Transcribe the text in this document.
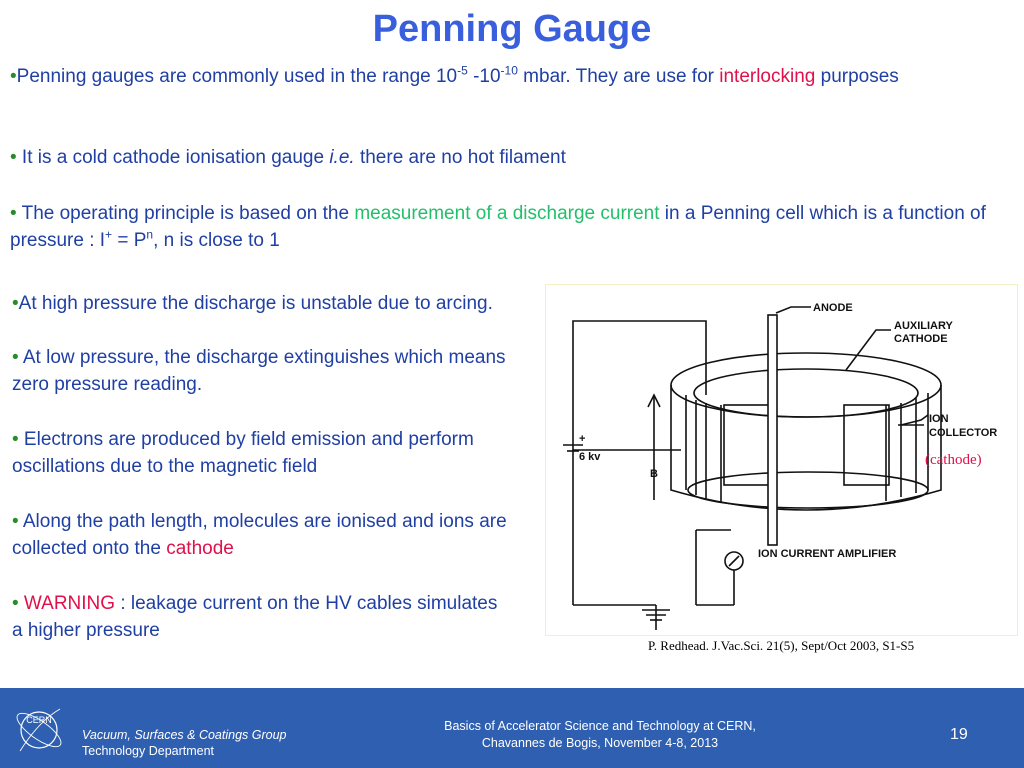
Penning Gauge
•Penning gauges are commonly used in the range $10^{-5}$ $-10^{-10}$ mbar. They are use for interlocking purposes
• It is a cold cathode ionisation gauge i.e. there are no hot filament
• The operating principle is based on the measurement of a discharge current in a Penning cell which is a function of pressure : $I^+ = P^n$, n is close to 1
•At high pressure the discharge is unstable due to arcing.
• At low pressure, the discharge extinguishes which means zero pressure reading.
• Electrons are produced by field emission and perform oscillations due to the magnetic field
• Along the path length, molecules are ionised and ions are collected onto the cathode
• WARNING : leakage current on the HV cables simulates a higher pressure
ANODE
AUXILIARY
CATHODE
ION
COLLECTOR
+
6 kv
B
ION CURRENT AMPLIFIER
(cathode)
P. Redhead. J.Vac.Sci. 21(5), Sept/Oct 2003, S1-S5
CERN
Vacuum, Surfaces & Coatings Group
Technology Department
Basics of Accelerator Science and Technology at CERN,
Chavannes de Bogis, November 4-8, 2013	19
